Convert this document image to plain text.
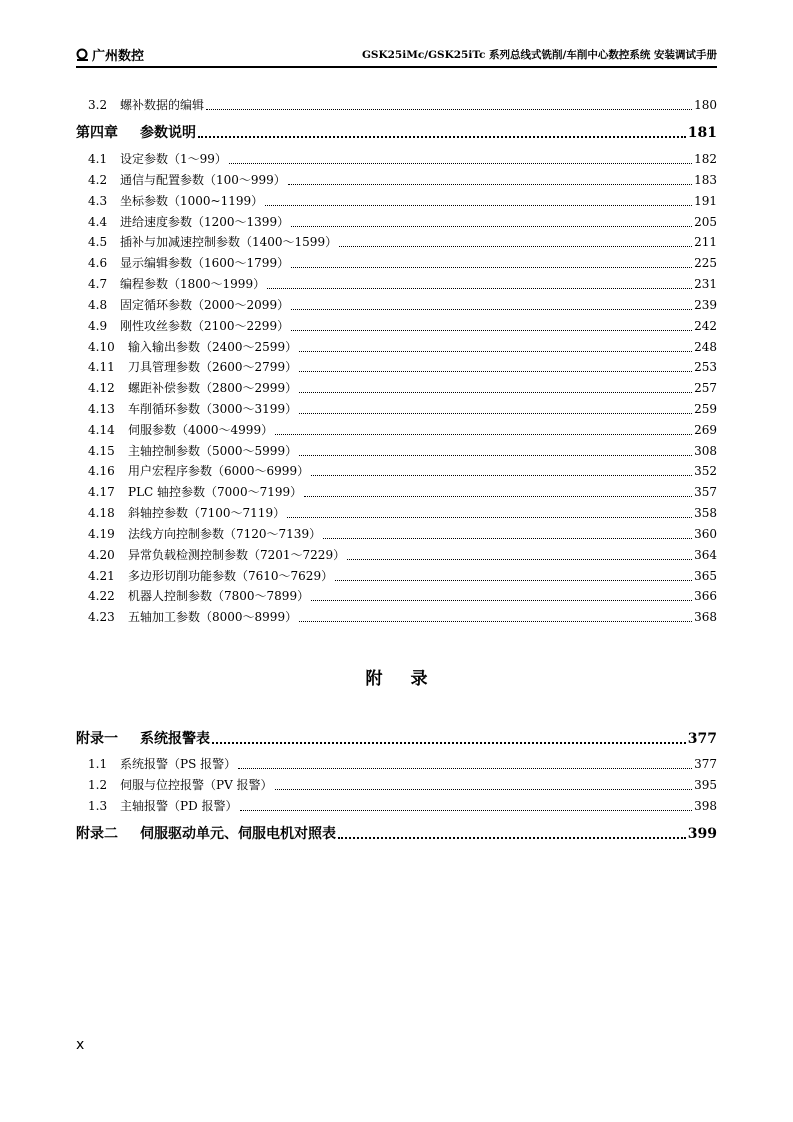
广州数控	GSK25iMc/GSK25iTc 系列总线式铣削/车削中心数控系统 安装调试手册
3.2	螺补数据的编辑	180
第四章	参数说明	181
4.1	设定参数（1～99）	182
4.2	通信与配置参数（100～999）	183
4.3	坐标参数（1000~1199）	191
4.4	进给速度参数（1200～1399）	205
4.5	插补与加减速控制参数（1400～1599）	211
4.6	显示编辑参数（1600～1799）	225
4.7	编程参数（1800～1999）	231
4.8	固定循环参数（2000～2099）	239
4.9	刚性攻丝参数（2100～2299）	242
4.10	输入输出参数（2400～2599）	248
4.11	刀具管理参数（2600～2799）	253
4.12	螺距补偿参数（2800～2999）	257
4.13	车削循环参数（3000～3199）	259
4.14	伺服参数（4000～4999）	269
4.15	主轴控制参数（5000～5999）	308
4.16	用户宏程序参数（6000～6999）	352
4.17	PLC 轴控参数（7000～7199）	357
4.18	斜轴控参数（7100～7119）	358
4.19	法线方向控制参数（7120～7139）	360
4.20	异常负载检测控制参数（7201～7229）	364
4.21	多边形切削功能参数（7610～7629）	365
4.22	机器人控制参数（7800～7899）	366
4.23	五轴加工参数（8000～8999）	368
附录一	系统报警表	377
1.1	系统报警（PS 报警）	377
1.2	伺服与位控报警（PV 报警）	395
1.3	主轴报警（PD 报警）	398
附录二	伺服驱动单元、伺服电机对照表	399
附录
x
